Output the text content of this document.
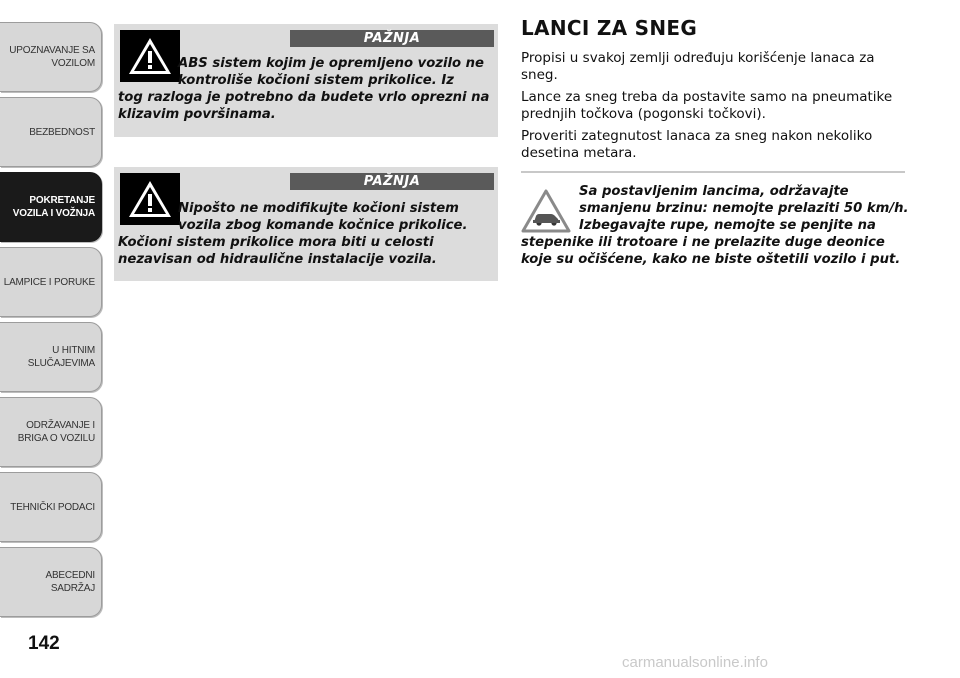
UPOZNAVANJE SA
VOZILOM
BEZBEDNOST
POKRETANJE
VOZILA I VOŽNJA
LAMPICE I PORUKE
U HITNIM
SLUČAJEVIMA
ODRŽAVANJE I
BRIGA O VOZILU
TEHNIČKI PODACI
ABECEDNI SADRŽAJ
142
PAŽNJA
ABS sistem kojim je opremljeno vozilo ne kontroliše kočioni sistem prikolice. Iz
tog razloga je potrebno da budete vrlo oprezni na klizavim površinama.
PAŽNJA
Nipošto ne modifikujte kočioni sistem vozila zbog komande kočnice prikolice.
Kočioni sistem prikolice mora biti u celosti nezavisan od hidraulične instalacije vozila.
LANCI ZA SNEG

Propisi u svakoj zemlji određuju korišćenje lanaca za sneg.

Lance za sneg treba da postavite samo na pneumatike prednjih točkova (pogonski točkovi).

Proveriti zategnutost lanaca za sneg nakon nekoliko desetina metara.

Sa postavljenim lancima, održavajte smanjenu brzinu: nemojte prelaziti 50 km/h. Izbegavajte rupe, nemojte se penjite na
stepenike ili trotoare i ne prelazite duge deonice koje su očišćene, kako ne biste oštetili vozilo i put.
carmanualsonline.info
